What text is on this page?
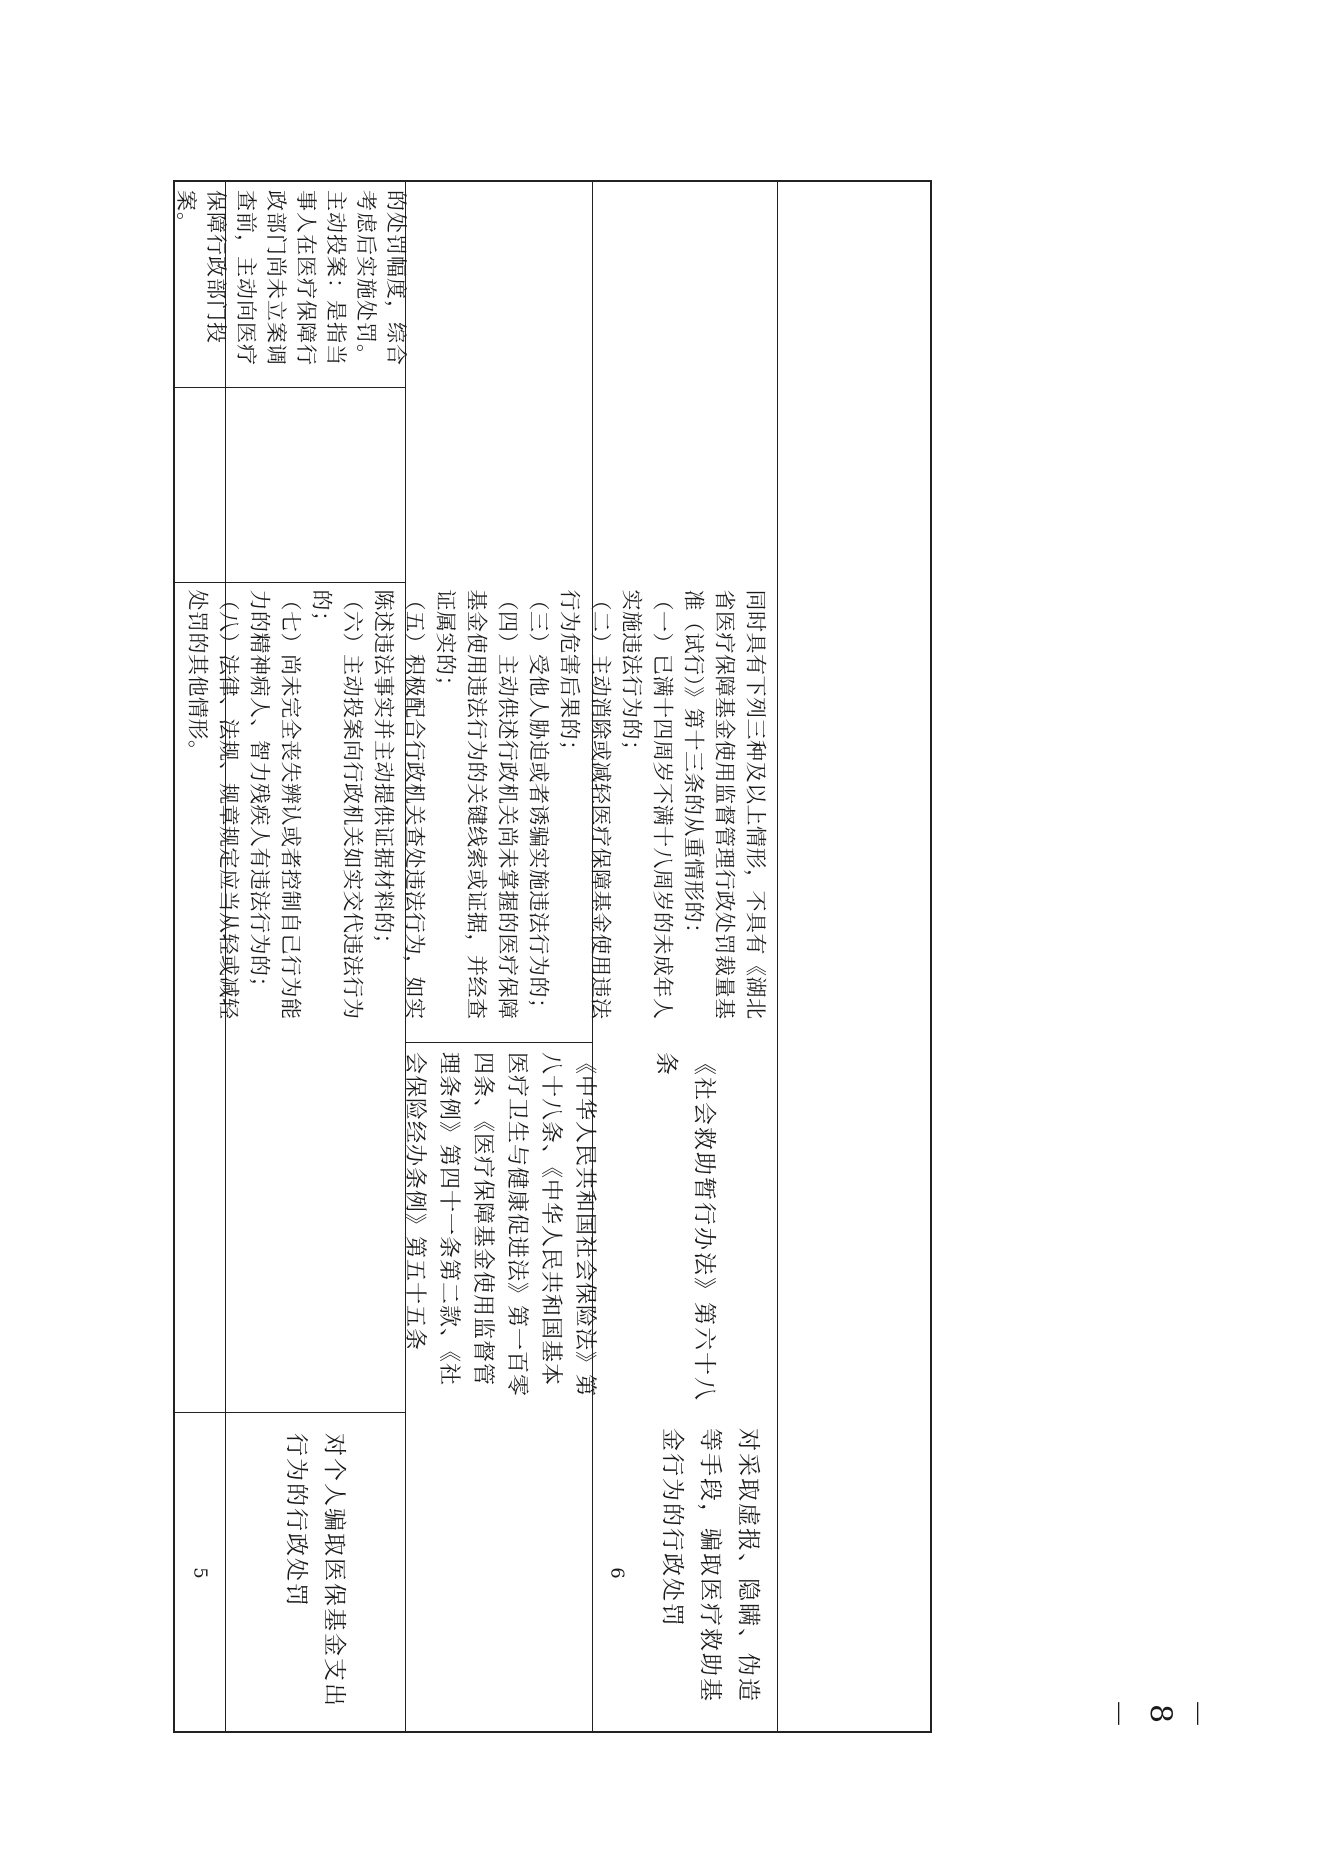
5	对个人骗取医保基金支出行为的行政处罚
《中华人民共和国社会保险法》第八十八条、《中华人民共和国基本医疗卫生与健康促进法》第一百零四条、《医疗保障基金使用监督管理条例》第四十一条第二款、《社会保险经办条例》第五十五条
6	对采取虚报、隐瞒、伪造等手段，骗取医疗救助基金行为的行政处罚
《社会救助暂行办法》第六十八条
同时具有下列三种及以上情形，不具有《湖北省医疗保障基金使用监督管理行政处罚裁量基准（试行）》第十三条的从重情形的：
（一）已满十四周岁不满十八周岁的未成年人实施违法行为的；
（二）主动消除或减轻医疗保障基金使用违法行为危害后果的；
（三）受他人胁迫或者诱骗实施违法行为的；
（四）主动供述行政机关尚未掌握的医疗保障基金使用违法行为的关键线索或证据，并经查证属实的；
（五）积极配合行政机关查处违法行为，如实陈述违法事实并主动提供证据材料的；
（六）主动投案向行政机关如实交代违法行为的；
（七）尚未完全丧失辨认或者控制自己行为能力的精神病人、智力残疾人有违法行为的；
（八）法律、法规、规章规定应当从轻或减轻处罚的其他情形。
的处罚幅度，综合考虑后实施处罚。主动投案：是指当事人在医疗保障行政部门尚未立案调查前，主动向医疗保障行政部门投案。
－8－
